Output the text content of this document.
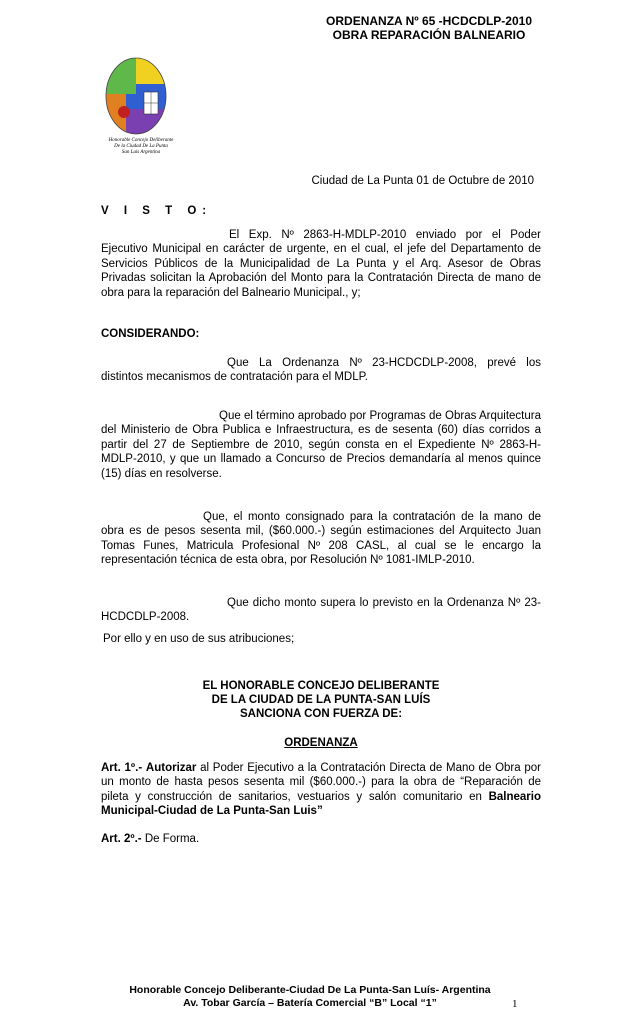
ORDENANZA Nº 65 -HCDCDLP-2010
OBRA REPARACIÓN BALNEARIO
Honorable Concejo Deliberante
De la Ciudad De La Punta
San Luis Argentina
Ciudad de La Punta 01 de Octubre de 2010
V I S T O:

El Exp. Nº 2863-H-MDLP-2010 enviado por el Poder Ejecutivo Municipal en carácter de urgente, en el cual, el jefe del Departamento de Servicios Públicos de la Municipalidad de La Punta y el Arq. Asesor de Obras Privadas solicitan la Aprobación del Monto para la Contratación Directa de mano de obra para la reparación del Balneario Municipal., y;

CONSIDERANDO:

Que La Ordenanza Nº 23-HCDCDLP-2008, prevé los distintos mecanismos de contratación para el MDLP.

Que el término aprobado por Programas de Obras Arquitectura del Ministerio de Obra Publica e Infraestructura, es de sesenta (60) días corridos a partir del 27 de Septiembre de 2010, según consta en el Expediente Nº 2863-H-MDLP-2010, y que un llamado a Concurso de Precios demandaría al menos quince (15) días en resolverse.

Que, el monto consignado para la contratación de la mano de obra es de pesos sesenta mil, ($60.000.-) según estimaciones del Arquitecto Juan Tomas Funes, Matricula Profesional Nº 208 CASL, al cual se le encargo la representación técnica de esta obra, por Resolución Nº 1081-IMLP-2010.

Que dicho monto supera lo previsto en la Ordenanza Nº 23-HCDCDLP-2008.

Por ello y en uso de sus atribuciones;

EL HONORABLE CONCEJO DELIBERANTE
DE LA CIUDAD DE LA PUNTA-SAN LUÍS
SANCIONA CON FUERZA DE:
ORDENANZA

Art. 1º.- Autorizar al Poder Ejecutivo a la Contratación Directa de Mano de Obra por un monto de hasta pesos sesenta mil ($60.000.-) para la obra de “Reparación de pileta y construcción de sanitarios, vestuarios y salón comunitario en Balneario Municipal-Ciudad de La Punta-San Luis”

Art. 2º.- De Forma.

Honorable Concejo Deliberante-Ciudad De La Punta-San Luís- Argentina
Av. Tobar García – Batería Comercial “B” Local “1”	1
